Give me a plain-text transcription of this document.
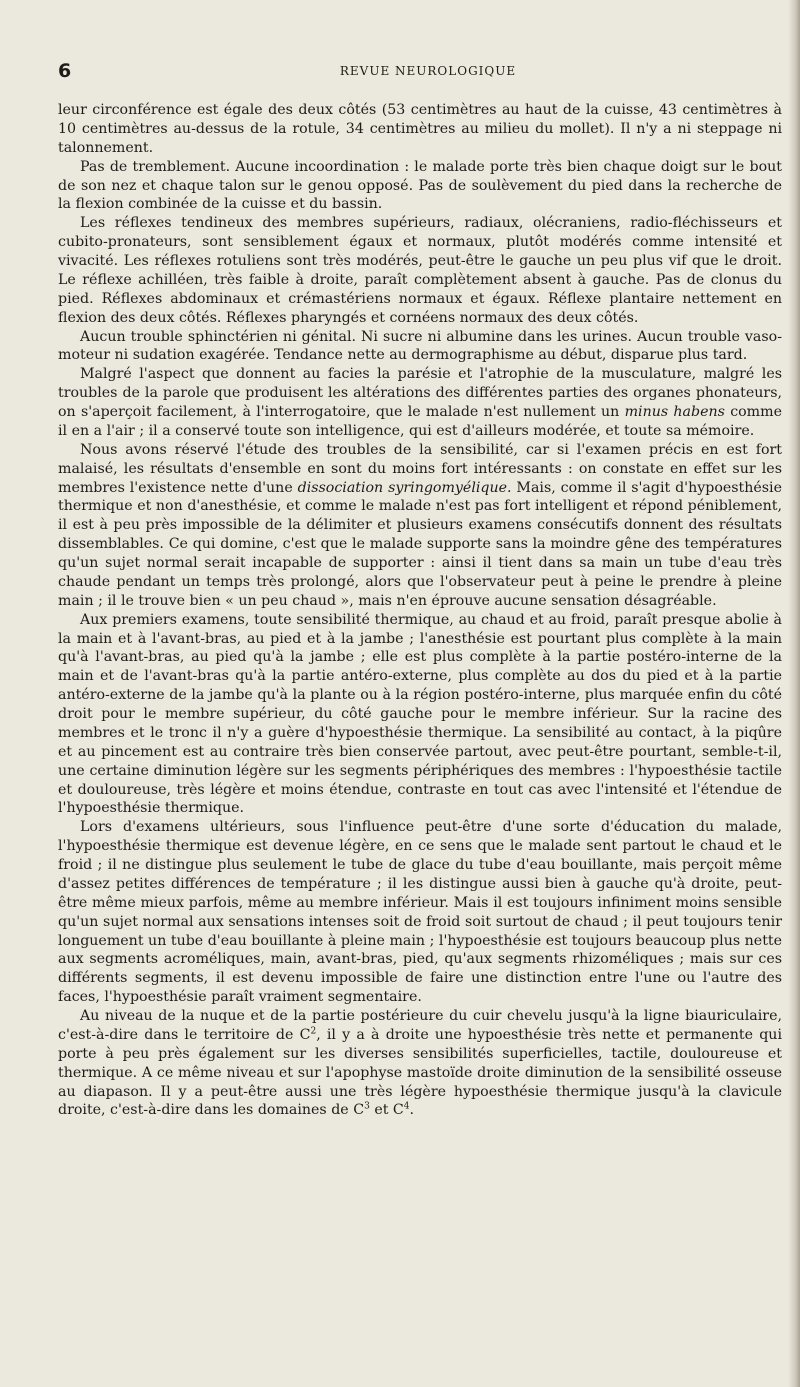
6	REVUE NEUROLOGIQUE

leur circonférence est égale des deux côtés (53 centimètres au haut de la cuisse, 43 centimètres à 10 centimètres au-dessus de la rotule, 34 centimètres au milieu du mollet). Il n'y a ni steppage ni talonnement.

Pas de tremblement. Aucune incoordination : le malade porte très bien chaque doigt sur le bout de son nez et chaque talon sur le genou opposé. Pas de soulèvement du pied dans la recherche de la flexion combinée de la cuisse et du bassin.

Les réflexes tendineux des membres supérieurs, radiaux, olécraniens, radio-fléchisseurs et cubito-pronateurs, sont sensiblement égaux et normaux, plutôt modérés comme intensité et vivacité. Les réflexes rotuliens sont très modérés, peut-être le gauche un peu plus vif que le droit. Le réflexe achilléen, très faible à droite, paraît complètement absent à gauche. Pas de clonus du pied. Réflexes abdominaux et crémastériens normaux et égaux. Réflexe plantaire nettement en flexion des deux côtés. Réflexes pharyngés et cornéens normaux des deux côtés.

Aucun trouble sphinctérien ni génital. Ni sucre ni albumine dans les urines. Aucun trouble vaso-moteur ni sudation exagérée. Tendance nette au dermographisme au début, disparue plus tard.

Malgré l'aspect que donnent au facies la parésie et l'atrophie de la musculature, malgré les troubles de la parole que produisent les altérations des différentes parties des organes phonateurs, on s'aperçoit facilement, à l'interrogatoire, que le malade n'est nullement un minus habens comme il en a l'air ; il a conservé toute son intelligence, qui est d'ailleurs modérée, et toute sa mémoire.

Nous avons réservé l'étude des troubles de la sensibilité, car si l'examen précis en est fort malaisé, les résultats d'ensemble en sont du moins fort intéressants : on constate en effet sur les membres l'existence nette d'une dissociation syringomyélique. Mais, comme il s'agit d'hypoesthésie thermique et non d'anesthésie, et comme le malade n'est pas fort intelligent et répond péniblement, il est à peu près impossible de la délimiter et plusieurs examens consécutifs donnent des résultats dissemblables. Ce qui domine, c'est que le malade supporte sans la moindre gêne des températures qu'un sujet normal serait incapable de supporter : ainsi il tient dans sa main un tube d'eau très chaude pendant un temps très prolongé, alors que l'observateur peut à peine le prendre à pleine main ; il le trouve bien « un peu chaud », mais n'en éprouve aucune sensation désagréable.

Aux premiers examens, toute sensibilité thermique, au chaud et au froid, paraît presque abolie à la main et à l'avant-bras, au pied et à la jambe ; l'anesthésie est pourtant plus complète à la main qu'à l'avant-bras, au pied qu'à la jambe ; elle est plus complète à la partie postéro-interne de la main et de l'avant-bras qu'à la partie antéro-externe, plus complète au dos du pied et à la partie antéro-externe de la jambe qu'à la plante ou à la région postéro-interne, plus marquée enfin du côté droit pour le membre supérieur, du côté gauche pour le membre inférieur. Sur la racine des membres et le tronc il n'y a guère d'hypoesthésie thermique. La sensibilité au contact, à la piqûre et au pincement est au contraire très bien conservée partout, avec peut-être pourtant, semble-t-il, une certaine diminution légère sur les segments périphériques des membres : l'hypoesthésie tactile et douloureuse, très légère et moins étendue, contraste en tout cas avec l'intensité et l'étendue de l'hypoesthésie thermique.

Lors d'examens ultérieurs, sous l'influence peut-être d'une sorte d'éducation du malade, l'hypoesthésie thermique est devenue légère, en ce sens que le malade sent partout le chaud et le froid ; il ne distingue plus seulement le tube de glace du tube d'eau bouillante, mais perçoit même d'assez petites différences de température ; il les distingue aussi bien à gauche qu'à droite, peut-être même mieux parfois, même au membre inférieur. Mais il est toujours infiniment moins sensible qu'un sujet normal aux sensations intenses soit de froid soit surtout de chaud ; il peut toujours tenir longuement un tube d'eau bouillante à pleine main ; l'hypoesthésie est toujours beaucoup plus nette aux segments acroméliques, main, avant-bras, pied, qu'aux segments rhizoméliques ; mais sur ces différents segments, il est devenu impossible de faire une distinction entre l'une ou l'autre des faces, l'hypoesthésie paraît vraiment segmentaire.

Au niveau de la nuque et de la partie postérieure du cuir chevelu jusqu'à la ligne biauriculaire, c'est-à-dire dans le territoire de $C^2$, il y a à droite une hypoesthésie très nette et permanente qui porte à peu près également sur les diverses sensibilités superficielles, tactile, douloureuse et thermique. A ce même niveau et sur l'apophyse mastoïde droite diminution de la sensibilité osseuse au diapason. Il y a peut-être aussi une très légère hypoesthésie thermique jusqu'à la clavicule droite, c'est-à-dire dans les domaines de $C^3$ et $C^4$.
